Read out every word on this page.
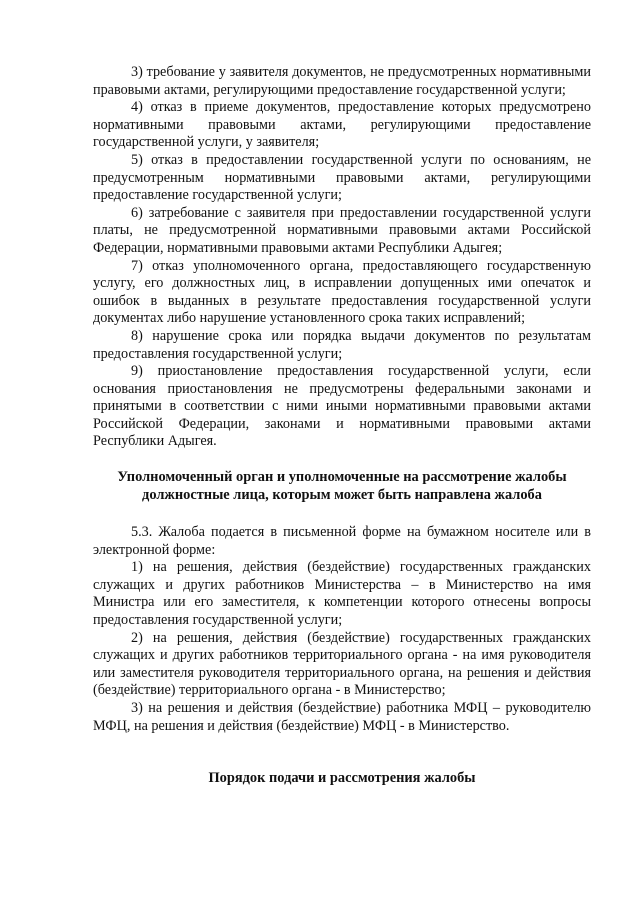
3) требование у заявителя документов, не предусмотренных нормативными правовыми актами, регулирующими предоставление государственной услуги;

4) отказ в приеме документов, предоставление которых предусмотрено нормативными правовыми актами, регулирующими предоставление государственной услуги, у заявителя;

5) отказ в предоставлении государственной услуги по основаниям, не предусмотренным нормативными правовыми актами, регулирующими предоставление государственной услуги;

6) затребование с заявителя при предоставлении государственной услуги платы, не предусмотренной нормативными правовыми актами Российской Федерации, нормативными правовыми актами Республики Адыгея;

7) отказ уполномоченного органа, предоставляющего государственную услугу, его должностных лиц, в исправлении допущенных ими опечаток и ошибок в выданных в результате предоставления государственной услуги документах либо нарушение установленного срока таких исправлений;

8) нарушение срока или порядка выдачи документов по результатам предоставления государственной услуги;

9) приостановление предоставления государственной услуги, если основания приостановления не предусмотрены федеральными законами и принятыми в соответствии с ними иными нормативными правовыми актами Российской Федерации, законами и нормативными правовыми актами Республики Адыгея.

Уполномоченный орган и уполномоченные на рассмотрение жалобы должностные лица, которым может быть направлена жалоба

5.3. Жалоба подается в письменной форме на бумажном носителе или в электронной форме:

1) на решения, действия (бездействие) государственных гражданских служащих и других работников Министерства – в Министерство на имя Министра или его заместителя, к компетенции которого отнесены вопросы предоставления государственной услуги;

2) на решения, действия (бездействие) государственных гражданских служащих и других работников территориального органа - на имя руководителя или заместителя руководителя территориального органа, на решения и действия (бездействие) территориального органа - в Министерство;

3) на решения и действия (бездействие) работника МФЦ – руководителю МФЦ, на решения и действия (бездействие) МФЦ - в Министерство.

Порядок подачи и рассмотрения жалобы
